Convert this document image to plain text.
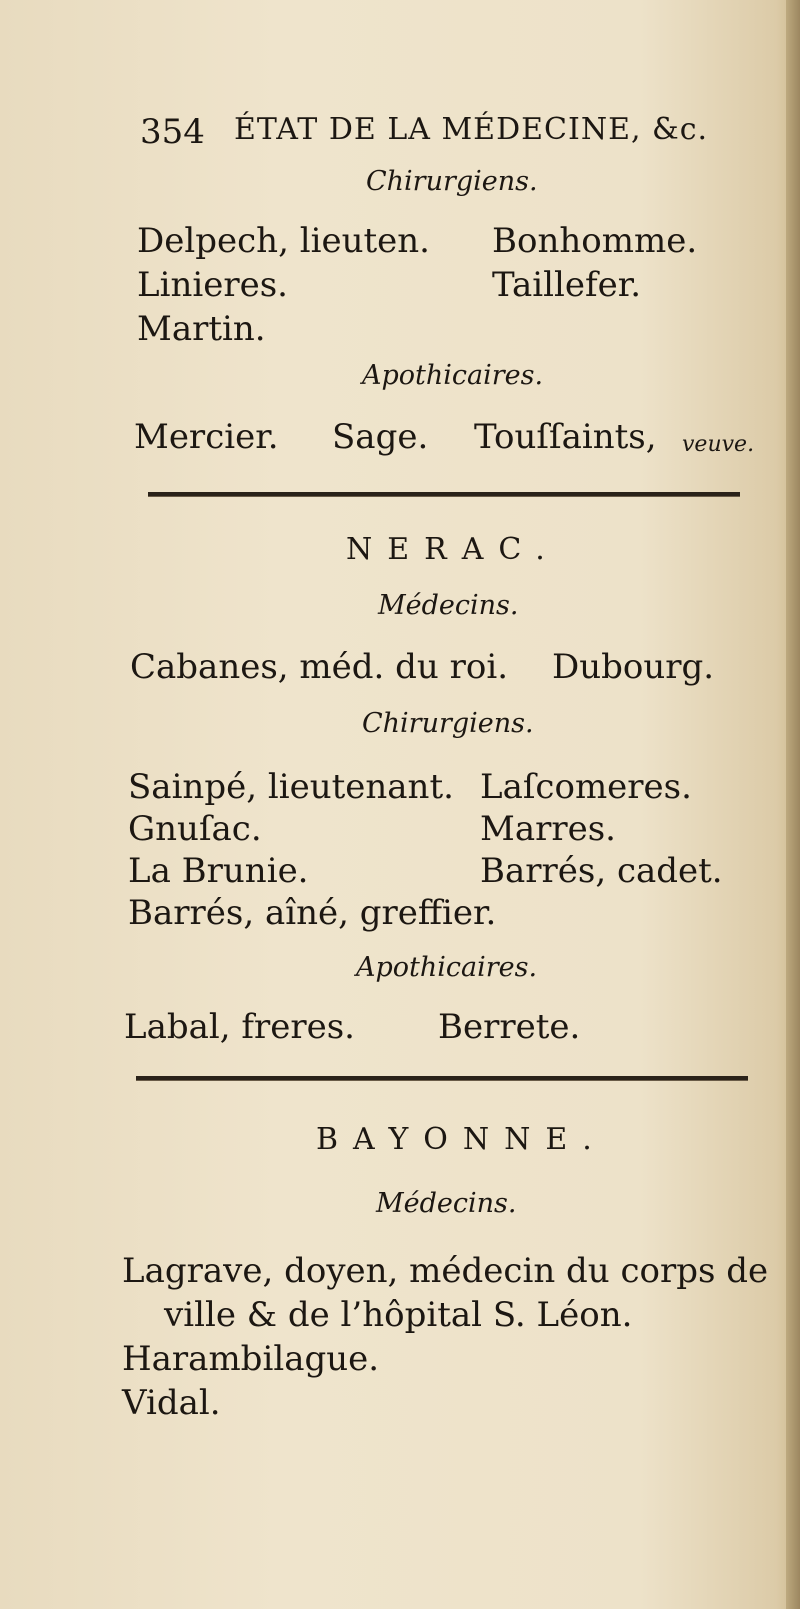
354 ÉTAT DE LA MÉDECINE, &c.
Chirurgiens.
Delpech, lieuten. Bonhomme.
Linieres.	Taillefer.
Martin.
Apothicaires.
Mercier. Sage. Touſſaints, veuve.
NERAC.
Médecins.
Cabanes, méd. du roi. Dubourg.
Chirurgiens.
Sainpé, lieutenant. Laſcomeres.
Gnuſac.	Marres.
La Brunie.	Barrés, cadet.
Barrés, aîné, greffier.
Apothicaires.
Labal, freres. Berrete.
BAYONNE.
Médecins.
Lagrave, doyen, médecin du corps de
ville & de l’hôpital S. Léon.
Harambilague.
Vidal.
